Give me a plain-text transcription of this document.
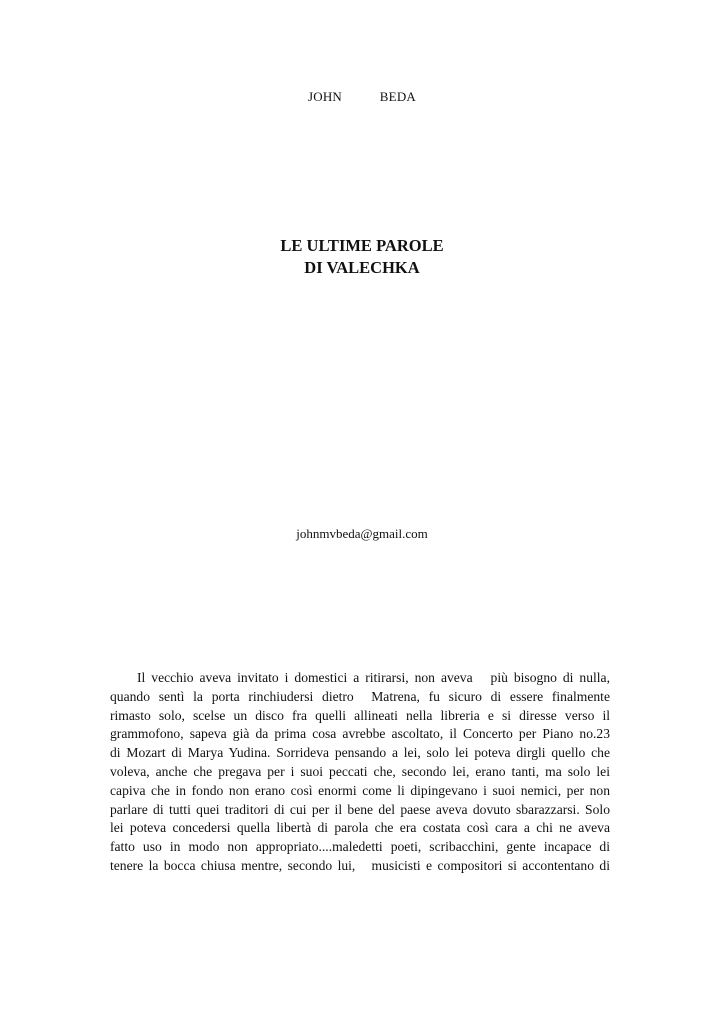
JOHN    BEDA
LE ULTIME PAROLE
DI VALECHKA
johnmvbeda@gmail.com
Il vecchio aveva invitato i domestici a ritirarsi, non aveva   più bisogno di nulla,
quando sentì la porta rinchiudersi dietro  Matrena, fu sicuro di essere finalmente
rimasto solo, scelse un disco fra quelli allineati nella libreria e si diresse verso il
grammofono, sapeva già da prima cosa avrebbe ascoltato, il Concerto per Piano no.23
di Mozart di Marya Yudina. Sorrideva pensando a lei, solo lei poteva dirgli quello che
voleva, anche che pregava per i suoi peccati che, secondo lei, erano tanti, ma solo lei
capiva che in fondo non erano così enormi come li dipingevano i suoi nemici, per non
parlare di tutti quei traditori di cui per il bene del paese aveva dovuto sbarazzarsi. Solo
lei poteva concedersi quella libertà di parola che era costata così cara a chi ne aveva
fatto uso in modo non appropriato....maledetti poeti, scribacchini, gente incapace di
tenere la bocca chiusa mentre, secondo lui,   musicisti e compositori si accontentano di
